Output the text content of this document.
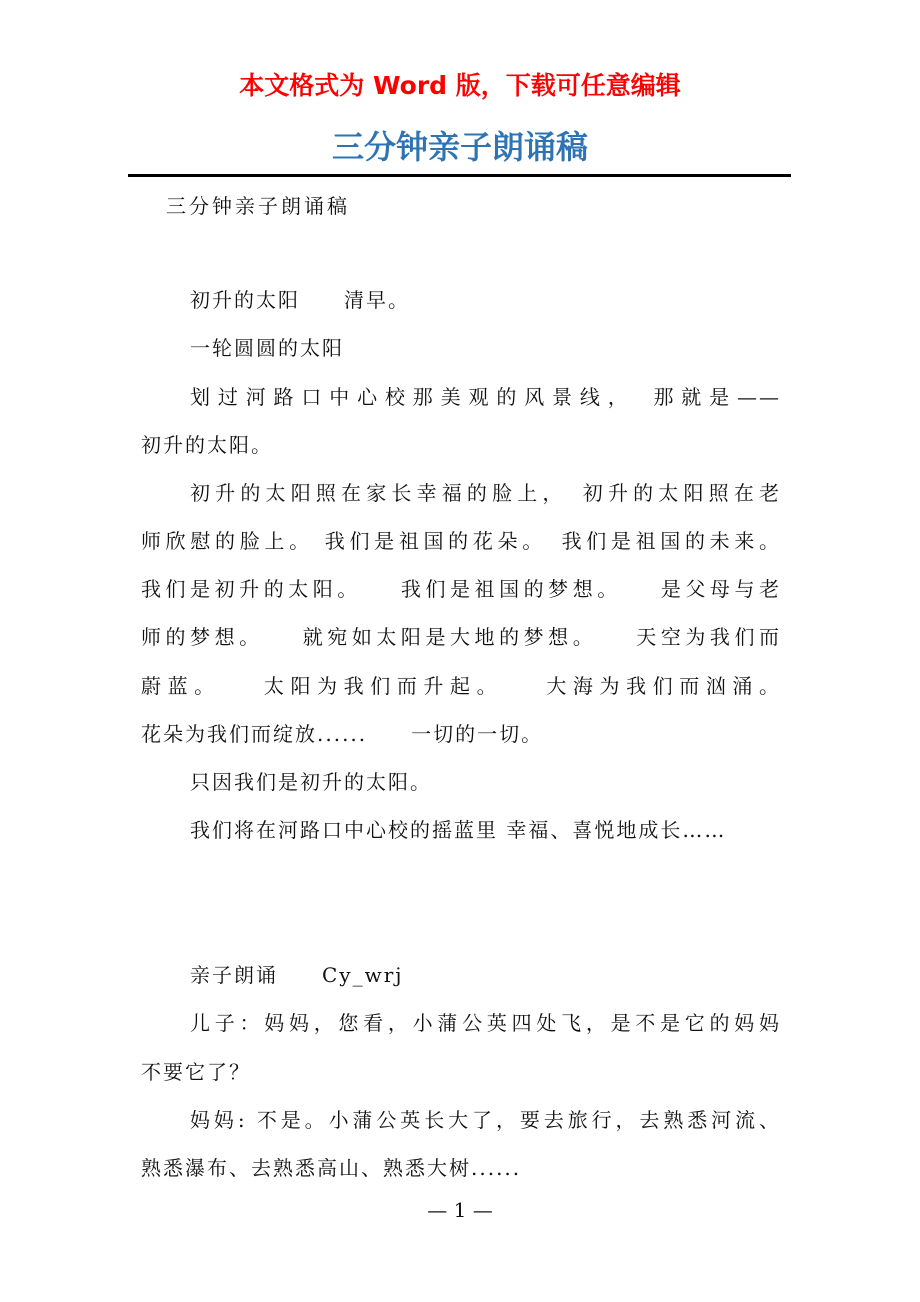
本文格式为 Word 版，下载可任意编辑
三分钟亲子朗诵稿
三分钟亲子朗诵稿
初升的太阳　　清早。
一轮圆圆的太阳
划过河路口中心校那美观的风景线，　那就是——
初升的太阳。
初升的太阳照在家长幸福的脸上，　初升的太阳照在老
师欣慰的脸上。 我们是祖国的花朵。　我们是祖国的未来。
我们是初升的太阳。　　我们是祖国的梦想。　　是父母与老
师的梦想。　　就宛如太阳是大地的梦想。　　天空为我们而
蔚蓝。　　太阳为我们而升起。　　大海为我们而汹涌。
花朵为我们而绽放......　　一切的一切。
只因我们是初升的太阳。
我们将在河路口中心校的摇蓝里 幸福、喜悦地成长……
亲子朗诵　　Cy_wrj
儿子：妈妈，您看，小蒲公英四处飞，是不是它的妈妈
不要它了？
妈妈: 不是。小蒲公英长大了，要去旅行，去熟悉河流、
熟悉瀑布、去熟悉高山、熟悉大树......
— 1 —
